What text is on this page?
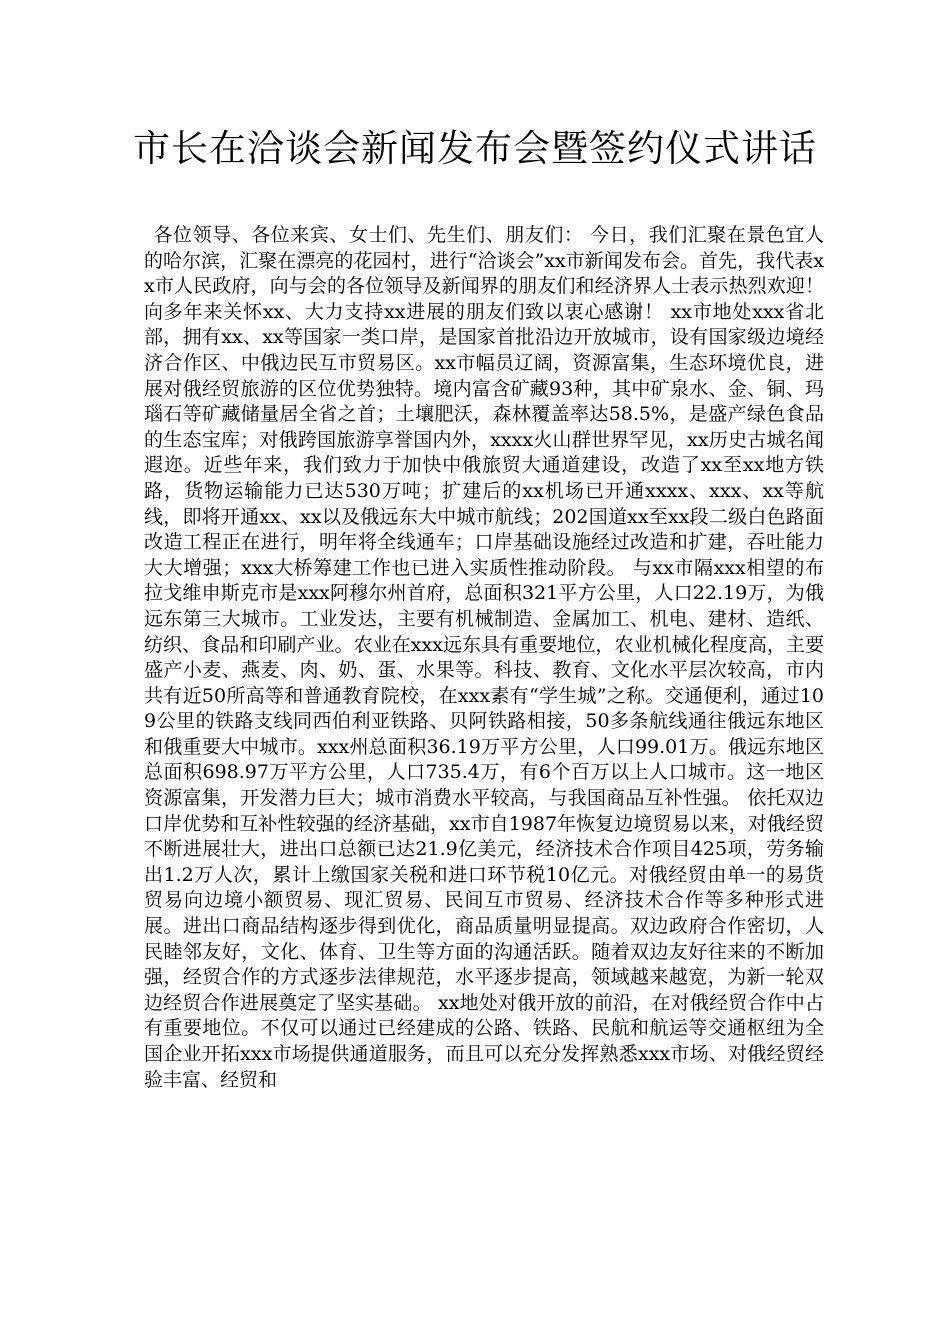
市长在洽谈会新闻发布会暨签约仪式讲话

各位领导、各位来宾、女士们、先生们、朋友们： 今日，我们汇聚在景色宜人的哈尔滨，汇聚在漂亮的花园村，进行“洽谈会”xx市新闻发布会。首先，我代表xx市人民政府，向与会的各位领导及新闻界的朋友们和经济界人士表示热烈欢迎！向多年来关怀xx、大力支持xx进展的朋友们致以衷心感谢！ xx市地处xxx省北部，拥有xx、xx等国家一类口岸，是国家首批沿边开放城市，设有国家级边境经济合作区、中俄边民互市贸易区。xx市幅员辽阔，资源富集，生态环境优良，进展对俄经贸旅游的区位优势独特。境内富含矿藏93种，其中矿泉水、金、铜、玛瑙石等矿藏储量居全省之首；土壤肥沃，森林覆盖率达58.5%，是盛产绿色食品的生态宝库；对俄跨国旅游享誉国内外，xxxx火山群世界罕见，xx历史古城名闻遐迩。近些年来，我们致力于加快中俄旅贸大通道建设，改造了xx至xx地方铁路，货物运输能力已达530万吨；扩建后的xx机场已开通xxxx、xxx、xx等航线，即将开通xx、xx以及俄远东大中城市航线；202国道xx至xx段二级白色路面改造工程正在进行，明年将全线通车；口岸基础设施经过改造和扩建，吞吐能力大大增强；xxx大桥筹建工作也已进入实质性推动阶段。 与xx市隔xxx相望的布拉戈维申斯克市是xxx阿穆尔州首府，总面积321平方公里，人口22.19万，为俄远东第三大城市。工业发达，主要有机械制造、金属加工、机电、建材、造纸、纺织、食品和印刷产业。农业在xxx远东具有重要地位，农业机械化程度高，主要盛产小麦、燕麦、肉、奶、蛋、水果等。科技、教育、文化水平层次较高，市内共有近50所高等和普通教育院校，在xxx素有“学生城”之称。交通便利，通过109公里的铁路支线同西伯利亚铁路、贝阿铁路相接，50多条航线通往俄远东地区和俄重要大中城市。xxx州总面积36.19万平方公里，人口99.01万。俄远东地区总面积698.97万平方公里，人口735.4万，有6个百万以上人口城市。这一地区资源富集，开发潜力巨大；城市消费水平较高，与我国商品互补性强。 依托双边口岸优势和互补性较强的经济基础，xx市自1987年恢复边境贸易以来，对俄经贸不断进展壮大，进出口总额已达21.9亿美元，经济技术合作项目425项，劳务输出1.2万人次，累计上缴国家关税和进口环节税10亿元。对俄经贸由单一的易货贸易向边境小额贸易、现汇贸易、民间互市贸易、经济技术合作等多种形式进展。进出口商品结构逐步得到优化，商品质量明显提高。双边政府合作密切，人民睦邻友好，文化、体育、卫生等方面的沟通活跃。随着双边友好往来的不断加强，经贸合作的方式逐步法律规范，水平逐步提高，领域越来越宽，为新一轮双边经贸合作进展奠定了坚实基础。 xx地处对俄开放的前沿，在对俄经贸合作中占有重要地位。不仅可以通过已经建成的公路、铁路、民航和航运等交通枢纽为全国企业开拓xxx市场提供通道服务，而且可以充分发挥熟悉xxx市场、对俄经贸经验丰富、经贸和
